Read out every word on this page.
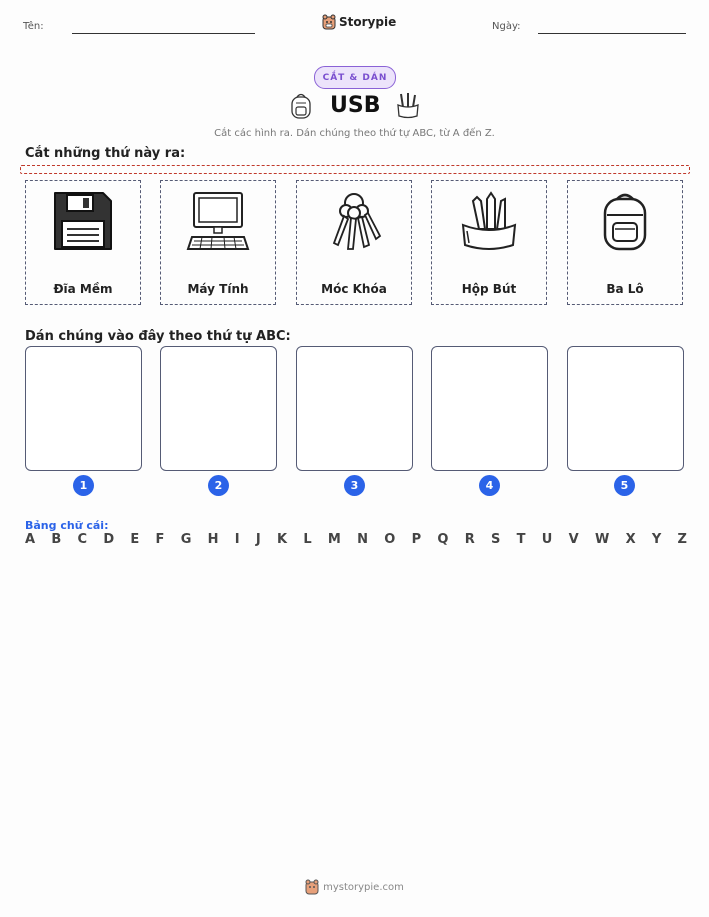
Tên:	Storypie	Ngày:
CẮT & DÁN
USB
Cắt các hình ra. Dán chúng theo thứ tự ABC, từ A đến Z.
Cắt những thứ này ra:
Đĩa Mềm	Máy Tính	Móc Khóa	Hộp Bút	Ba Lô
Dán chúng vào đây theo thứ tự ABC:
1	2	3	4	5
Bảng chữ cái:
A B C D E F G H I J K L M N O P Q R S T U V W X Y Z
mystorypie.com
